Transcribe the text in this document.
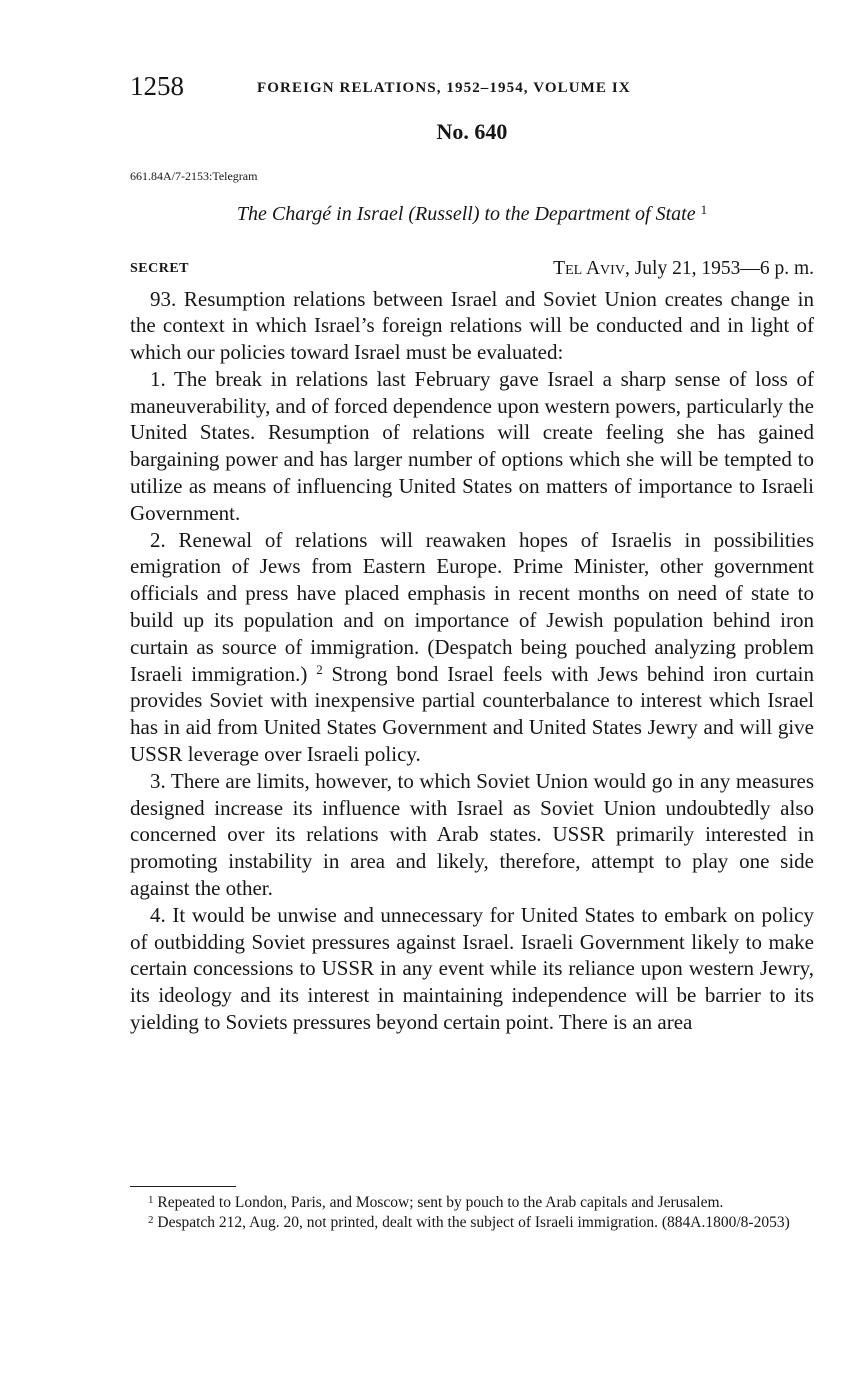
1258	FOREIGN RELATIONS, 1952–1954, VOLUME IX
No. 640
661.84A/7-2153:Telegram
The Chargé in Israel (Russell) to the Department of State $^1$
SECRET	Tel Aviv, July 21, 1953—6 p. m.

93. Resumption relations between Israel and Soviet Union creates change in the context in which Israel’s foreign relations will be conducted and in light of which our policies toward Israel must be evaluated:

1. The break in relations last February gave Israel a sharp sense of loss of maneuverability, and of forced dependence upon western powers, particularly the United States. Resumption of relations will create feeling she has gained bargaining power and has larger number of options which she will be tempted to utilize as means of influencing United States on matters of importance to Israeli Government.

2. Renewal of relations will reawaken hopes of Israelis in possibilities emigration of Jews from Eastern Europe. Prime Minister, other government officials and press have placed emphasis in recent months on need of state to build up its population and on importance of Jewish population behind iron curtain as source of immigration. (Despatch being pouched analyzing problem Israeli immigration.) $^2$ Strong bond Israel feels with Jews behind iron curtain provides Soviet with inexpensive partial counterbalance to interest which Israel has in aid from United States Government and United States Jewry and will give USSR leverage over Israeli policy.

3. There are limits, however, to which Soviet Union would go in any measures designed increase its influence with Israel as Soviet Union undoubtedly also concerned over its relations with Arab states. USSR primarily interested in promoting instability in area and likely, therefore, attempt to play one side against the other.

4. It would be unwise and unnecessary for United States to embark on policy of outbidding Soviet pressures against Israel. Israeli Government likely to make certain concessions to USSR in any event while its reliance upon western Jewry, its ideology and its interest in maintaining independence will be barrier to its yielding to Soviets pressures beyond certain point. There is an area

$^1$ Repeated to London, Paris, and Moscow; sent by pouch to the Arab capitals and Jerusalem.

$^2$ Despatch 212, Aug. 20, not printed, dealt with the subject of Israeli immigration. (884A.1800/8-2053)
